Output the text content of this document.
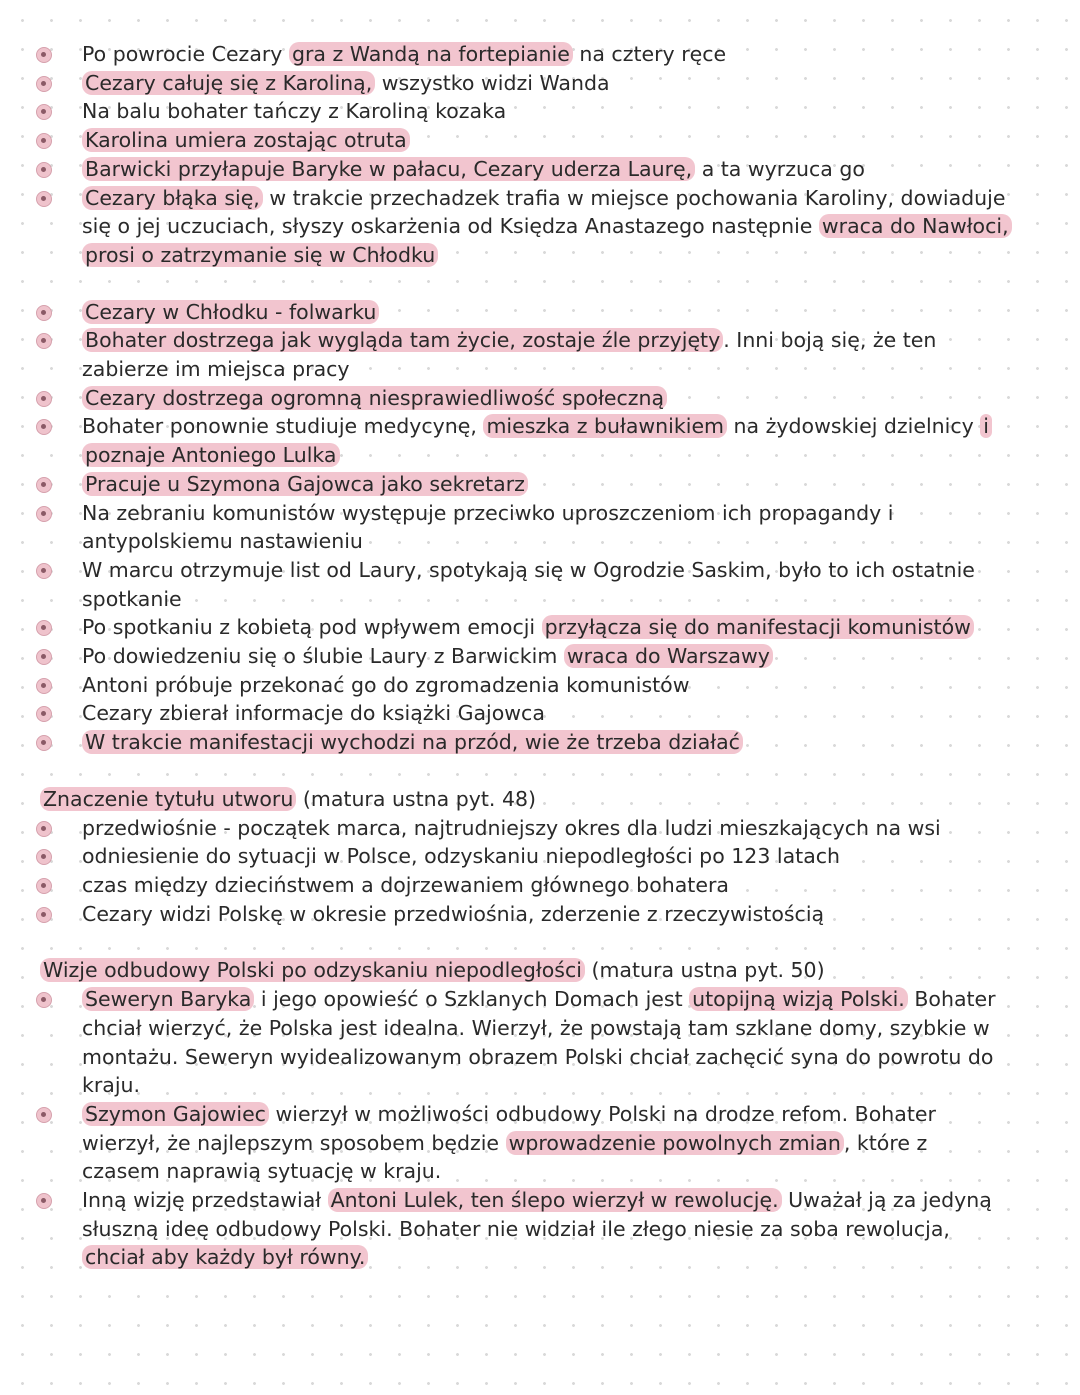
Po powrocie Cezary gra z Wandą na fortepianie na cztery ręce
Cezary całuję się z Karoliną, wszystko widzi Wanda
Na balu bohater tańczy z Karoliną kozaka
Karolina umiera zostając otruta
Barwicki przyłapuje Baryke w pałacu, Cezary uderza Laurę, a ta wyrzuca go
Cezary błąka się, w trakcie przechadzek trafia w miejsce pochowania Karoliny, dowiaduje się o jej uczuciach, słyszy oskarżenia od Księdza Anastazego następnie wraca do Nawłoci, prosi o zatrzymanie się w Chłodku
Cezary w Chłodku - folwarku
Bohater dostrzega jak wygląda tam życie, zostaje źle przyjęty . Inni boją się, że ten zabierze im miejsca pracy
Cezary dostrzega ogromną niesprawiedliwość społeczną
Bohater ponownie studiuje medycynę, mieszka z buławnikiem na żydowskiej dzielnicy i poznaje Antoniego Lulka
Pracuje u Szymona Gajowca jako sekretarz
Na zebraniu komunistów występuje przeciwko uproszczeniom ich propagandy i antypolskiemu nastawieniu
W marcu otrzymuje list od Laury, spotykają się w Ogrodzie Saskim, było to ich ostatnie spotkanie
Po spotkaniu z kobietą pod wpływem emocji przyłącza się do manifestacji komunistów
Po dowiedzeniu się o ślubie Laury z Barwickim wraca do Warszawy
Antoni próbuje przekonać go do zgromadzenia komunistów
Cezary zbierał informacje do książki Gajowca
W trakcie manifestacji wychodzi na przód, wie że trzeba działać
Znaczenie tytułu utworu (matura ustna pyt. 48)
przedwiośnie - początek marca, najtrudniejszy okres dla ludzi mieszkających na wsi
odniesienie do sytuacji w Polsce, odzyskaniu niepodległości po 123 latach
czas między dzieciństwem a dojrzewaniem głównego bohatera
Cezary widzi Polskę w okresie przedwiośnia, zderzenie z rzeczywistością
Wizje odbudowy Polski po odzyskaniu niepodległości (matura ustna pyt. 50)
Seweryn Baryka i jego opowieść o Szklanych Domach jest utopijną wizją Polski. Bohater chciał wierzyć, że Polska jest idealna. Wierzył, że powstają tam szklane domy, szybkie w montażu. Seweryn wyidealizowanym obrazem Polski chciał zachęcić syna do powrotu do kraju.
Szymon Gajowiec wierzył w możliwości odbudowy Polski na drodze refom. Bohater wierzył, że najlepszym sposobem będzie wprowadzenie powolnych zmian , które z czasem naprawią sytuację w kraju.
Inną wizję przedstawiał Antoni Lulek, ten ślepo wierzył w rewolucję. Uważał ją za jedyną słuszną ideę odbudowy Polski. Bohater nie widział ile złego niesie za soba rewolucja, chciał aby każdy był równy.
